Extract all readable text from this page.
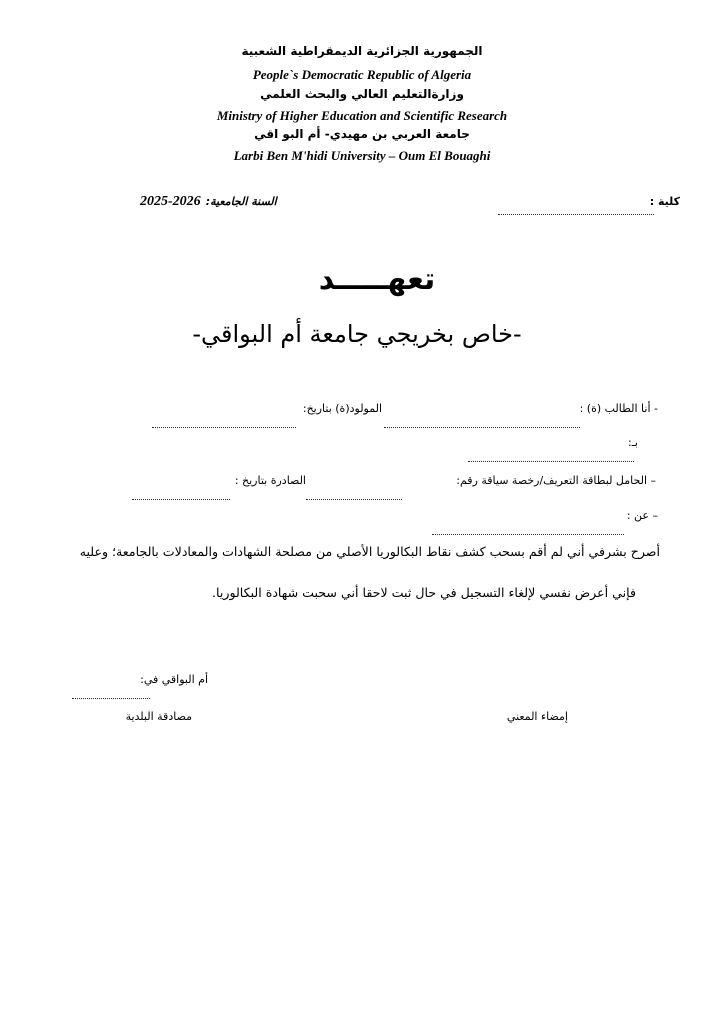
الجمهورية الجزائرية الديمقراطية الشعبية
People`s Democratic Republic of Algeria
وزارةالتعليم العالي والبحث العلمي
Ministry of Higher Education and Scientific Research
جامعة العربي بن مهيدي- أم البو اقي
Larbi Ben M'hidi University – Oum El Bouaghi
كلية :
2025-2026 السنة الجامعية:
تعهـــــد
-خاص بخريجي جامعة أم البواقي-
- أنا الطالب (ة) :
المولود(ة) بتاريخ:
بـ:
– الحامل لبطاقة التعريف/رخصة سياقة رقم:
الصادرة بتاريخ :
– عن :
أصرح بشرفي أني لم أقم بسحب كشف نقاط البكالوريا الأصلي من مصلحة الشهادات والمعادلات بالجامعة؛ وعليه
فإني أعرض نفسي لإلغاء التسجيل في حال ثبت لاحقا أني سحبت شهادة البكالوريا.
أم البواقي في:
إمضاء المعني
مصادقة البلدية
